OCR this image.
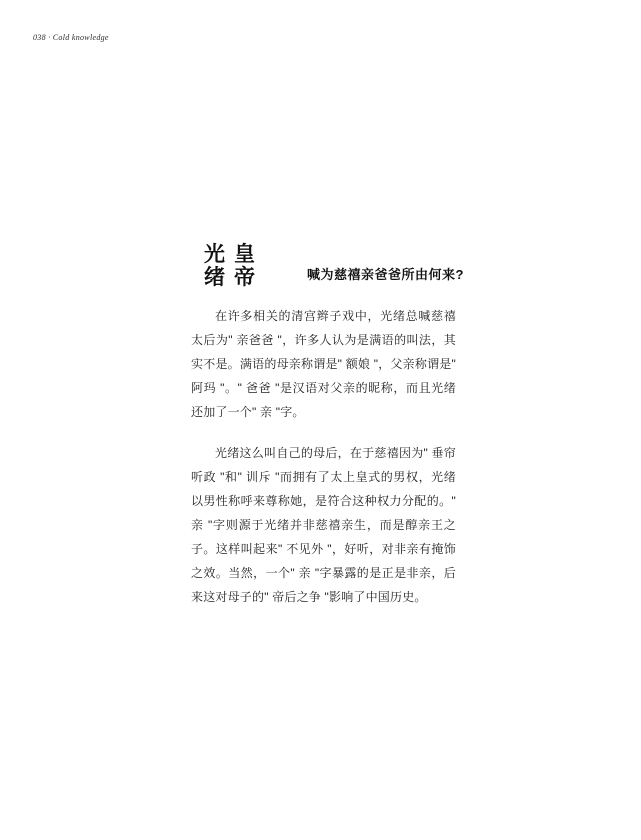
038 · Cold knowledge
光皇
绪帝	喊为慈禧亲爸爸所由何来?

在许多相关的清宫辫子戏中，光绪总喊慈禧太后为" 亲爸爸 "，许多人认为是满语的叫法，其实不是。满语的母亲称谓是" 额娘 "，父亲称谓是" 阿玛 "。" 爸爸 "是汉语对父亲的昵称，而且光绪还加了一个" 亲 "字。

光绪这么叫自己的母后，在于慈禧因为" 垂帘听政 "和" 训斥 "而拥有了太上皇式的男权，光绪以男性称呼来尊称她，是符合这种权力分配的。" 亲 "字则源于光绪并非慈禧亲生，而是醇亲王之子。这样叫起来" 不见外 "，好听，对非亲有掩饰之效。当然，一个" 亲 "字暴露的是正是非亲，后来这对母子的" 帝后之争 "影响了中国历史。
